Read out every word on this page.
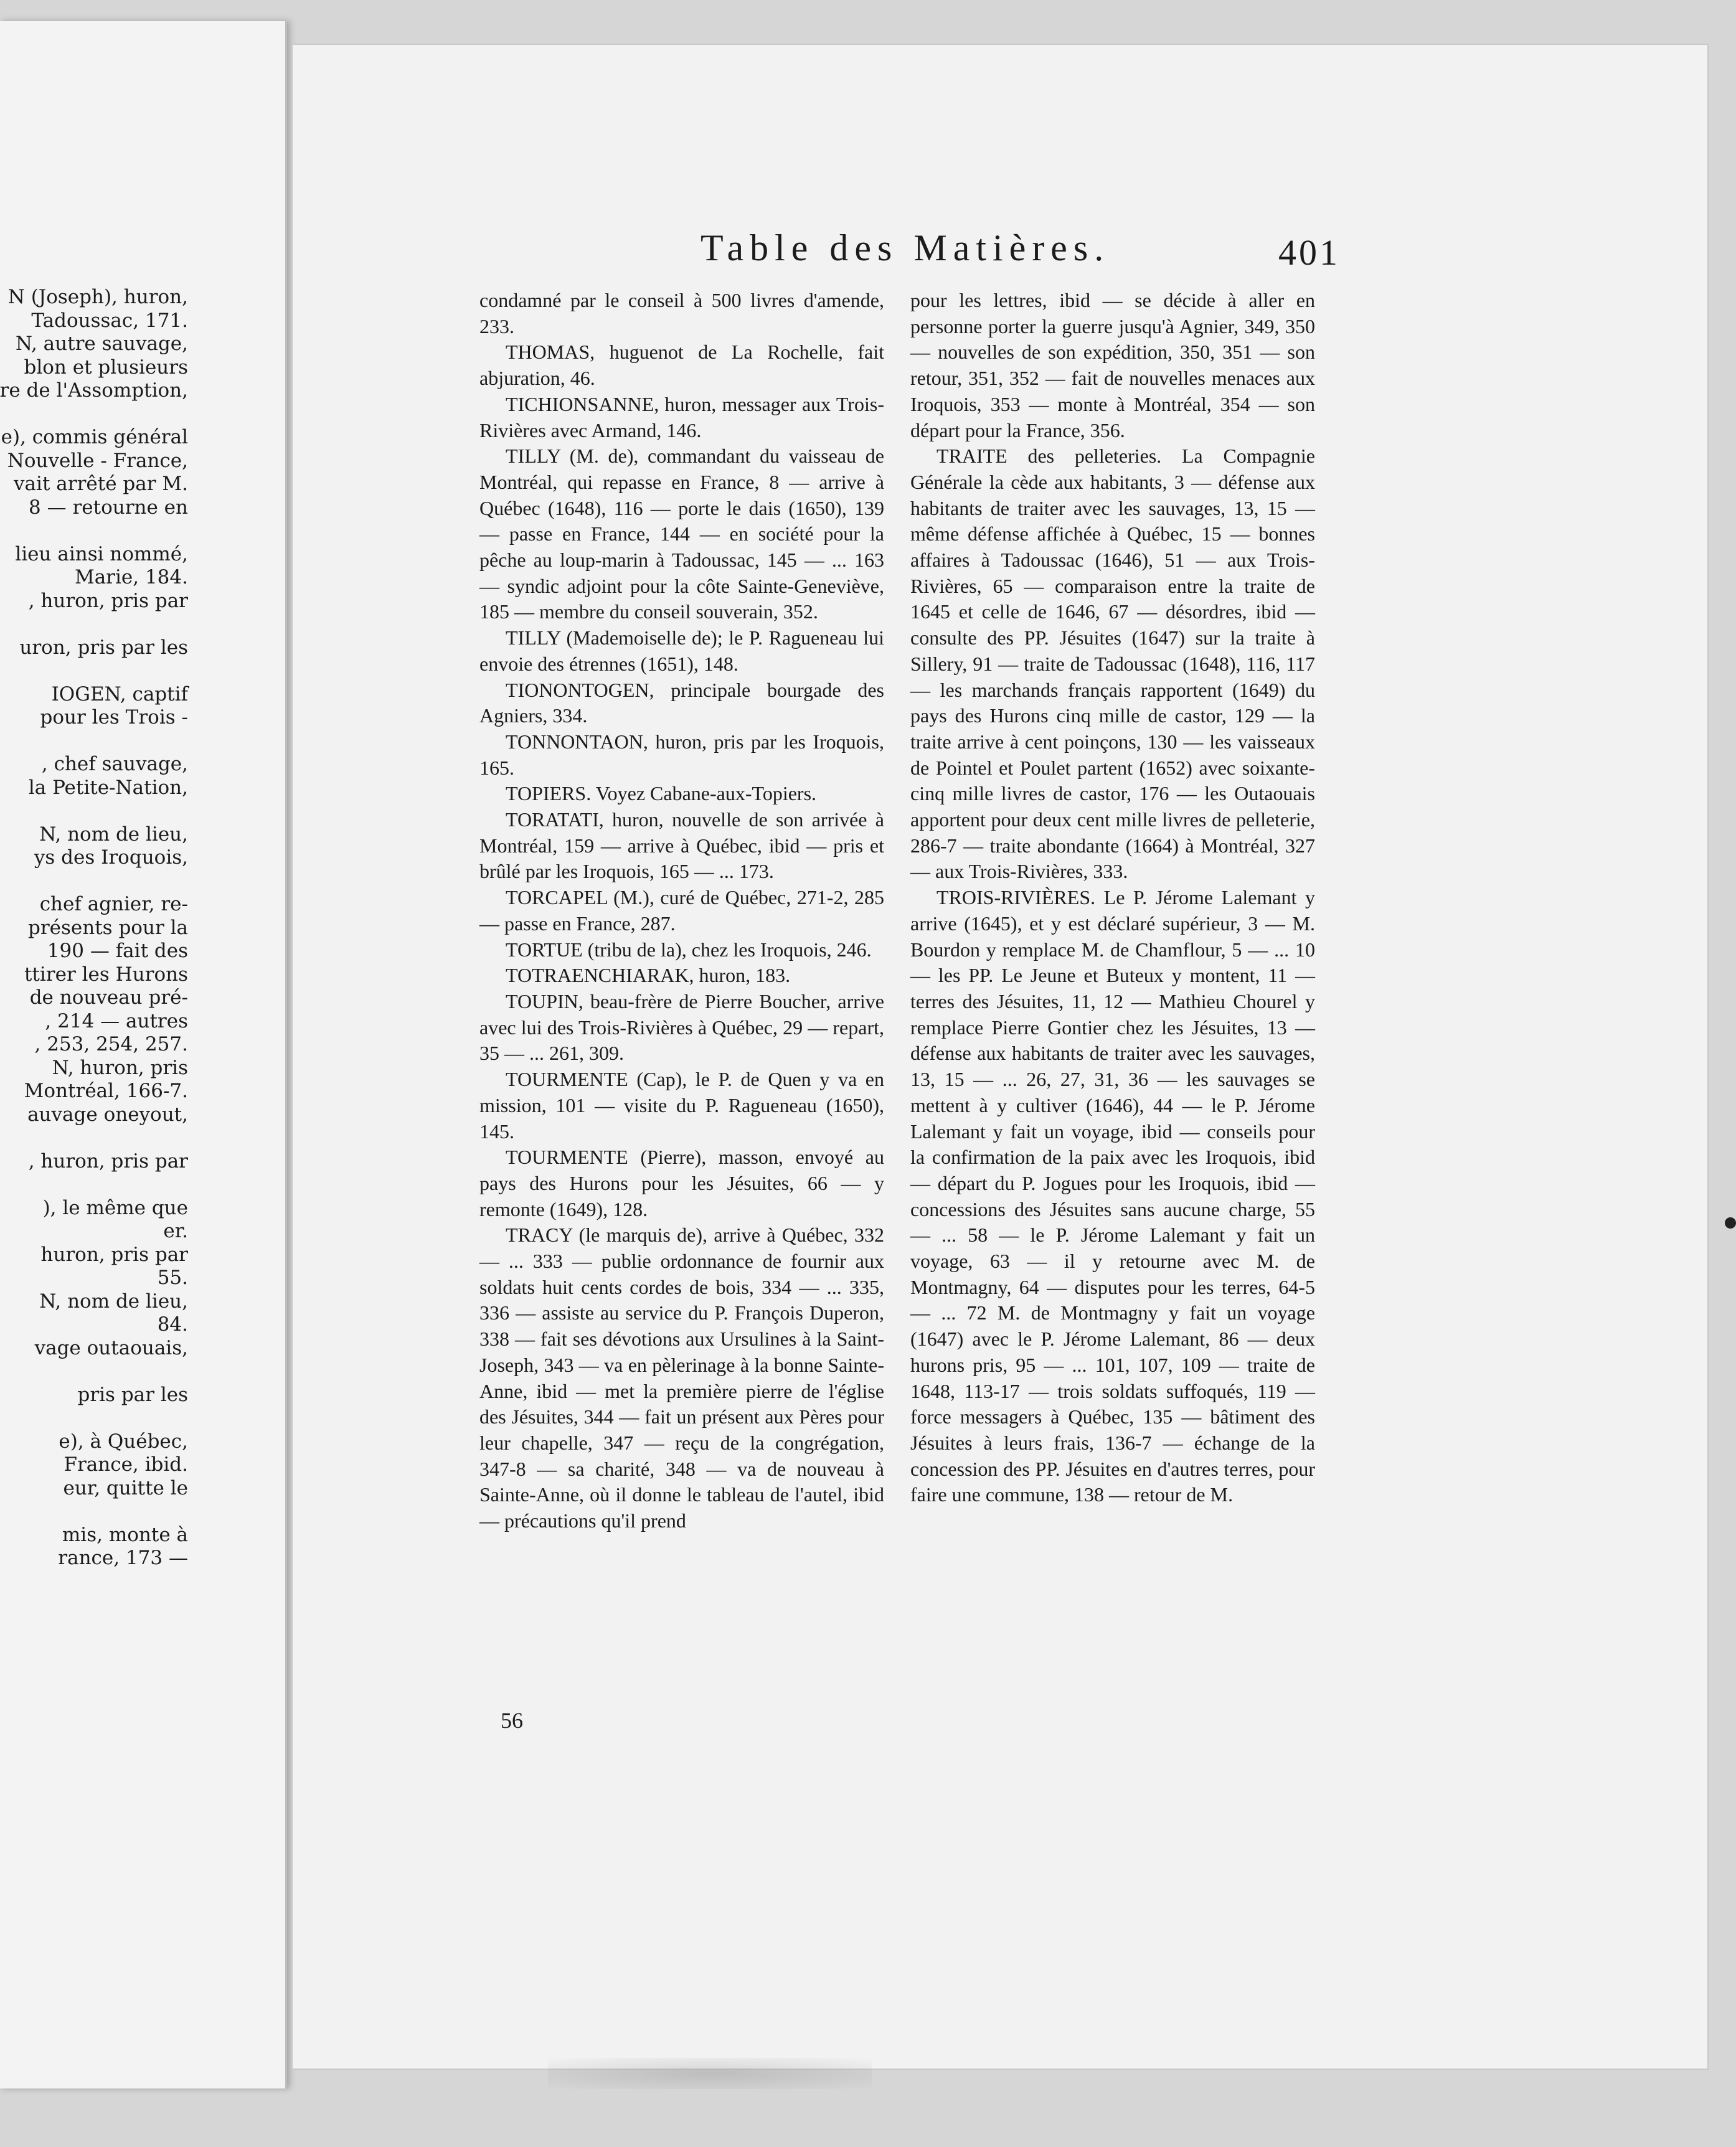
N (Joseph), huron,
Tadoussac, 171.
N, autre sauvage,
blon et plusieurs
re de l'Assomption,
e), commis général
Nouvelle - France,
vait arrêté par M.
8 — retourne en
lieu ainsi nommé,
Marie, 184.
, huron, pris par
uron, pris par les
IOGEN, captif
pour les Trois -
, chef sauvage,
la Petite-Nation,
N, nom de lieu,
ys des Iroquois,
chef agnier, re-
présents pour la
190 — fait des
ttirer les Hurons
de nouveau pré-
, 214 — autres
, 253, 254, 257.
N, huron, pris
Montréal, 166-7.
auvage oneyout,
, huron, pris par
), le même que
er.
huron, pris par
55.
N, nom de lieu,
84.
vage outaouais,
pris par les
e), à Québec,
France, ibid.
eur, quitte le
mis, monte à
rance, 173 —
Table des Matières.	401

condamné par le conseil à 500 livres d'amende, 233.

THOMAS, huguenot de La Rochelle, fait abjuration, 46.

TICHIONSANNE, huron, messager aux Trois-Rivières avec Armand, 146.

TILLY (M. de), commandant du vaisseau de Montréal, qui repasse en France, 8 — arrive à Québec (1648), 116 — porte le dais (1650), 139 — passe en France, 144 — en société pour la pêche au loup-marin à Tadoussac, 145 — ... 163 — syndic adjoint pour la côte Sainte-Geneviève, 185 — membre du conseil souverain, 352.

TILLY (Mademoiselle de); le P. Ragueneau lui envoie des étrennes (1651), 148.

TIONONTOGEN, principale bourgade des Agniers, 334.

TONNONTAON, huron, pris par les Iroquois, 165.

TOPIERS. Voyez Cabane-aux-Topiers.

TORATATI, huron, nouvelle de son arrivée à Montréal, 159 — arrive à Québec, ibid — pris et brûlé par les Iroquois, 165 — ... 173.

TORCAPEL (M.), curé de Québec, 271-2, 285 — passe en France, 287.

TORTUE (tribu de la), chez les Iroquois, 246.

TOTRAENCHIARAK, huron, 183.

TOUPIN, beau-frère de Pierre Boucher, arrive avec lui des Trois-Rivières à Québec, 29 — repart, 35 — ... 261, 309.

TOURMENTE (Cap), le P. de Quen y va en mission, 101 — visite du P. Ragueneau (1650), 145.

TOURMENTE (Pierre), masson, envoyé au pays des Hurons pour les Jésuites, 66 — y remonte (1649), 128.

TRACY (le marquis de), arrive à Québec, 332 — ... 333 — publie ordonnance de fournir aux soldats huit cents cordes de bois, 334 — ... 335, 336 — assiste au service du P. François Duperon, 338 — fait ses dévotions aux Ursulines à la Saint-Joseph, 343 — va en pèlerinage à la bonne Sainte-Anne, ibid — met la première pierre de l'église des Jésuites, 344 — fait un présent aux Pères pour leur chapelle, 347 — reçu de la congrégation, 347-8 — sa charité, 348 — va de nouveau à Sainte-Anne, où il donne le tableau de l'autel, ibid — précautions qu'il prend

pour les lettres, ibid — se décide à aller en personne porter la guerre jusqu'à Agnier, 349, 350 — nouvelles de son expédition, 350, 351 — son retour, 351, 352 — fait de nouvelles menaces aux Iroquois, 353 — monte à Montréal, 354 — son départ pour la France, 356.

TRAITE des pelleteries. La Compagnie Générale la cède aux habitants, 3 — défense aux habitants de traiter avec les sauvages, 13, 15 — même défense affichée à Québec, 15 — bonnes affaires à Tadoussac (1646), 51 — aux Trois-Rivières, 65 — comparaison entre la traite de 1645 et celle de 1646, 67 — désordres, ibid — consulte des PP. Jésuites (1647) sur la traite à Sillery, 91 — traite de Tadoussac (1648), 116, 117 — les marchands français rapportent (1649) du pays des Hurons cinq mille de castor, 129 — la traite arrive à cent poinçons, 130 — les vaisseaux de Pointel et Poulet partent (1652) avec soixante-cinq mille livres de castor, 176 — les Outaouais apportent pour deux cent mille livres de pelleterie, 286-7 — traite abondante (1664) à Montréal, 327 — aux Trois-Rivières, 333.

TROIS-RIVIÈRES. Le P. Jérome Lalemant y arrive (1645), et y est déclaré supérieur, 3 — M. Bourdon y remplace M. de Chamflour, 5 — ... 10 — les PP. Le Jeune et Buteux y montent, 11 — terres des Jésuites, 11, 12 — Mathieu Chourel y remplace Pierre Gontier chez les Jésuites, 13 — défense aux habitants de traiter avec les sauvages, 13, 15 — ... 26, 27, 31, 36 — les sauvages se mettent à y cultiver (1646), 44 — le P. Jérome Lalemant y fait un voyage, ibid — conseils pour la confirmation de la paix avec les Iroquois, ibid — départ du P. Jogues pour les Iroquois, ibid — concessions des Jésuites sans aucune charge, 55 — ... 58 — le P. Jérome Lalemant y fait un voyage, 63 — il y retourne avec M. de Montmagny, 64 — disputes pour les terres, 64-5 — ... 72 M. de Montmagny y fait un voyage (1647) avec le P. Jérome Lalemant, 86 — deux hurons pris, 95 — ... 101, 107, 109 — traite de 1648, 113-17 — trois soldats suffoqués, 119 — force messagers à Québec, 135 — bâtiment des Jésuites à leurs frais, 136-7 — échange de la concession des PP. Jésuites en d'autres terres, pour faire une commune, 138 — retour de M.

56
